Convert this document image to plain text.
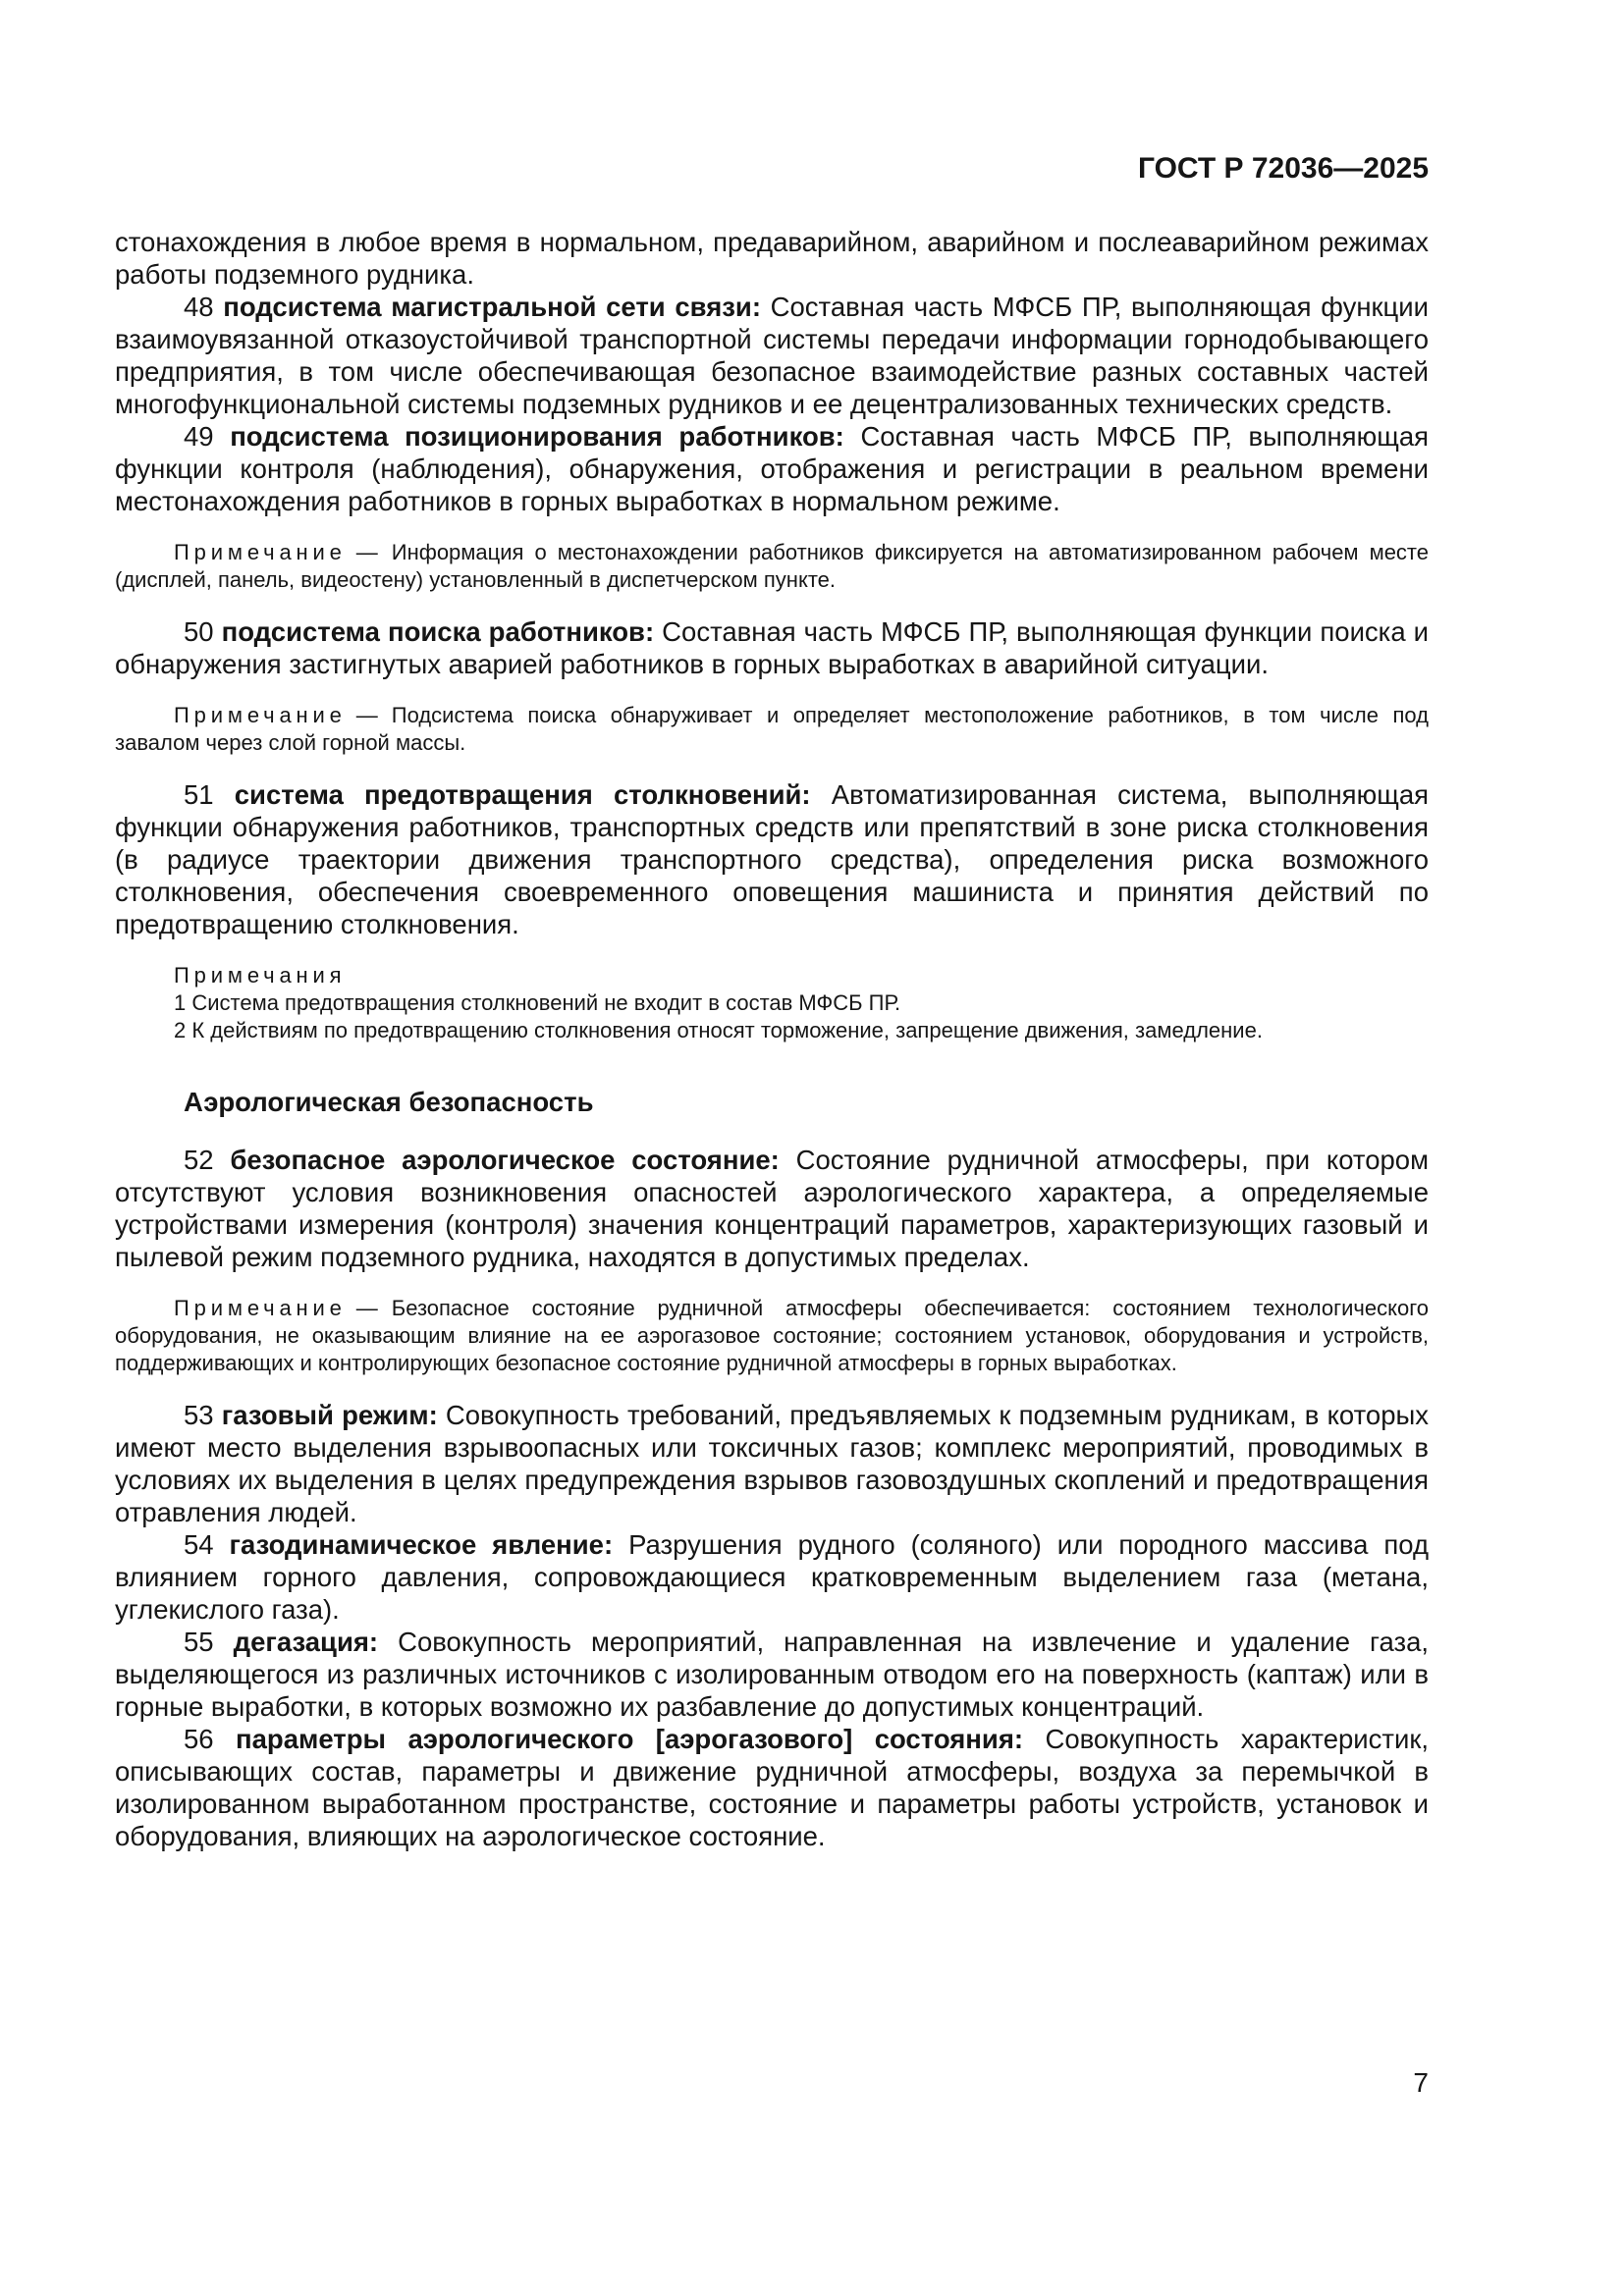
ГОСТ Р 72036—2025

стонахождения в любое время в нормальном, предаварийном, аварийном и послеаварийном режимах работы подземного рудника.

48 подсистема магистральной сети связи: Составная часть МФСБ ПР, выполняющая функции взаимоувязанной отказоустойчивой транспортной системы передачи информации горнодобывающего предприятия, в том числе обеспечивающая безопасное взаимодействие разных составных частей многофункциональной системы подземных рудников и ее децентрализованных технических средств.

49 подсистема позиционирования работников: Составная часть МФСБ ПР, выполняющая функции контроля (наблюдения), обнаружения, отображения и регистрации в реальном времени местонахождения работников в горных выработках в нормальном режиме.

Примечание — Информация о местонахождении работников фиксируется на автоматизированном рабочем месте (дисплей, панель, видеостену) установленный в диспетчерском пункте.

50 подсистема поиска работников: Составная часть МФСБ ПР, выполняющая функции поиска и обнаружения застигнутых аварией работников в горных выработках в аварийной ситуации.

Примечание — Подсистема поиска обнаруживает и определяет местоположение работников, в том числе под завалом через слой горной массы.

51 система предотвращения столкновений: Автоматизированная система, выполняющая функции обнаружения работников, транспортных средств или препятствий в зоне риска столкновения (в радиусе траектории движения транспортного средства), определения риска возможного столкновения, обеспечения своевременного оповещения машиниста и принятия действий по предотвращению столкновения.

Примечания

1 Система предотвращения столкновений не входит в состав МФСБ ПР.

2 К действиям по предотвращению столкновения относят торможение, запрещение движения, замедление.

Аэрологическая безопасность

52 безопасное аэрологическое состояние: Состояние рудничной атмосферы, при котором отсутствуют условия возникновения опасностей аэрологического характера, а определяемые устройствами измерения (контроля) значения концентраций параметров, характеризующих газовый и пылевой режим подземного рудника, находятся в допустимых пределах.

Примечание — Безопасное состояние рудничной атмосферы обеспечивается: состоянием технологического оборудования, не оказывающим влияние на ее аэрогазовое состояние; состоянием установок, оборудования и устройств, поддерживающих и контролирующих безопасное состояние рудничной атмосферы в горных выработках.

53 газовый режим: Совокупность требований, предъявляемых к подземным рудникам, в которых имеют место выделения взрывоопасных или токсичных газов; комплекс мероприятий, проводимых в условиях их выделения в целях предупреждения взрывов газовоздушных скоплений и предотвращения отравления людей.

54 газодинамическое явление: Разрушения рудного (соляного) или породного массива под влиянием горного давления, сопровождающиеся кратковременным выделением газа (метана, углекислого газа).

55 дегазация: Совокупность мероприятий, направленная на извлечение и удаление газа, выделяющегося из различных источников с изолированным отводом его на поверхность (каптаж) или в горные выработки, в которых возможно их разбавление до допустимых концентраций.

56 параметры аэрологического [аэрогазового] состояния: Совокупность характеристик, описывающих состав, параметры и движение рудничной атмосферы, воздуха за перемычкой в изолированном выработанном пространстве, состояние и параметры работы устройств, установок и оборудования, влияющих на аэрологическое состояние.

7
